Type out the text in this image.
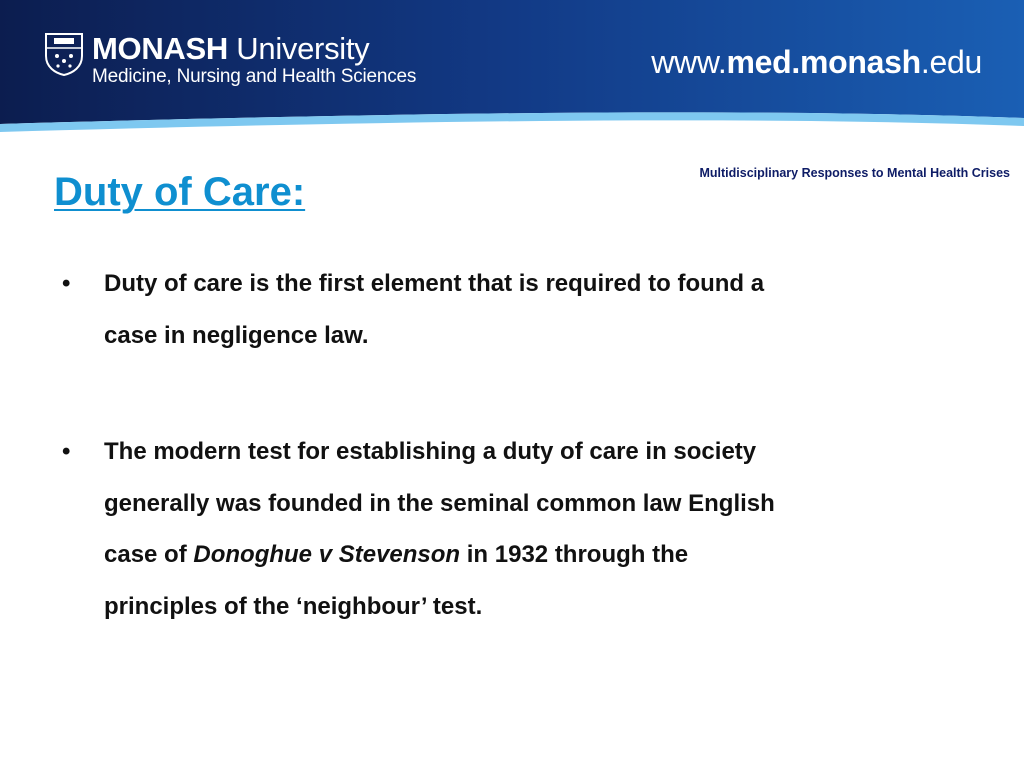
MONASH University
Medicine, Nursing and Health Sciences	www.med.monash.edu
Multidisciplinary Responses to Mental Health Crises
Duty of Care:
•	Duty of care is the first element that is required to found a case in negligence law.
•	The modern test for establishing a duty of care in society generally was founded in the seminal common law English case of Donoghue v Stevenson in 1932 through the principles of the ‘neighbour’ test.
